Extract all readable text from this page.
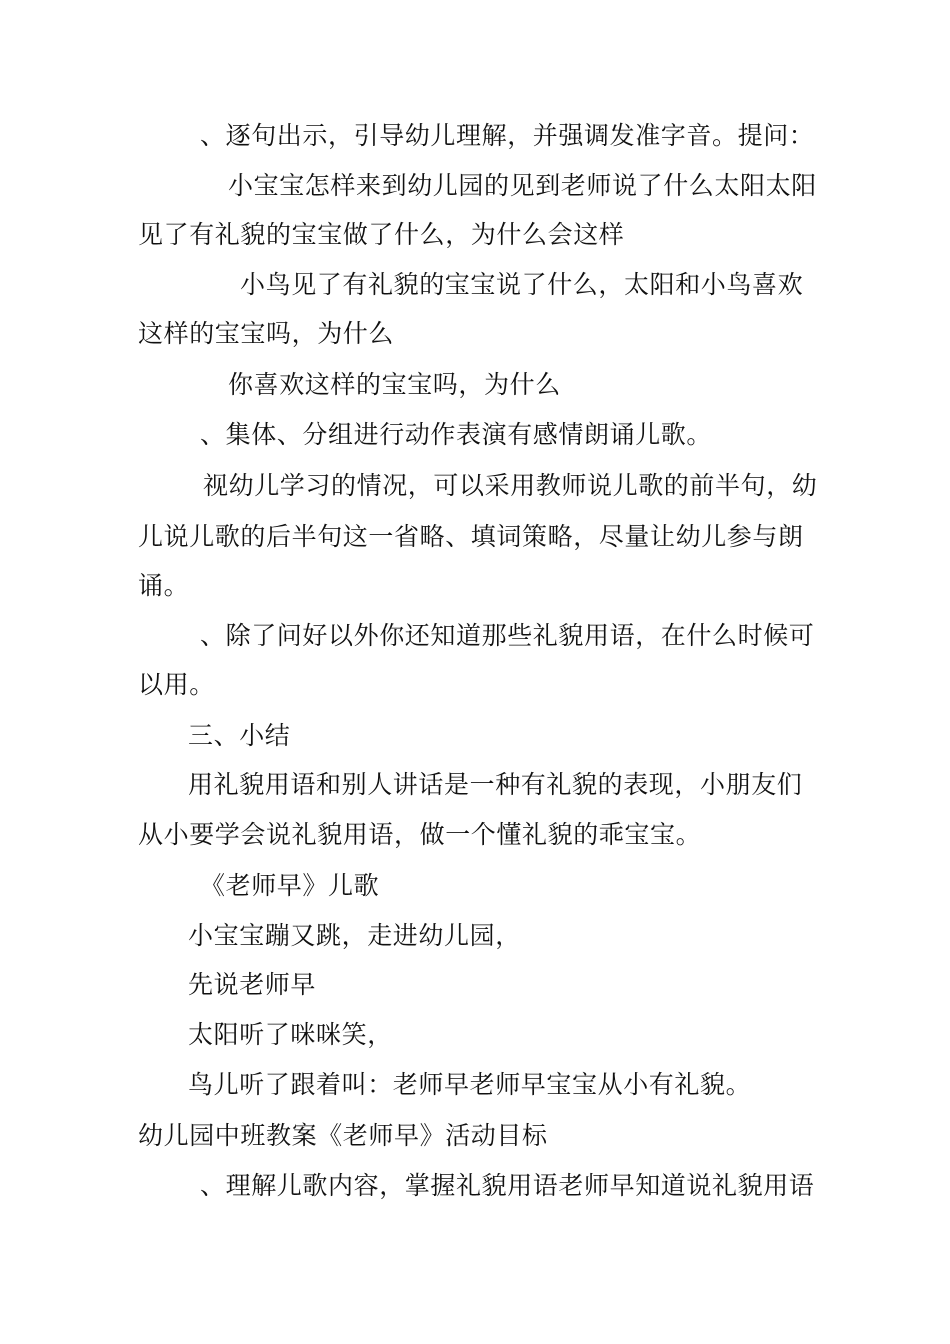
、逐句出示，引导幼儿理解，并强调发准字音。提问：
小宝宝怎样来到幼儿园的见到老师说了什么太阳太阳
见了有礼貌的宝宝做了什么，为什么会这样
小鸟见了有礼貌的宝宝说了什么，太阳和小鸟喜欢
这样的宝宝吗，为什么
你喜欢这样的宝宝吗，为什么
、集体、分组进行动作表演有感情朗诵儿歌。
视幼儿学习的情况，可以采用教师说儿歌的前半句，幼
儿说儿歌的后半句这一省略、填词策略，尽量让幼儿参与朗
诵。
、除了问好以外你还知道那些礼貌用语，在什么时候可
以用。
三、小结
用礼貌用语和别人讲话是一种有礼貌的表现，小朋友们
从小要学会说礼貌用语，做一个懂礼貌的乖宝宝。
《老师早》儿歌
小宝宝蹦又跳，走进幼儿园，
先说老师早
太阳听了咪咪笑，
鸟儿听了跟着叫：老师早老师早宝宝从小有礼貌。
幼儿园中班教案《老师早》活动目标
、理解儿歌内容，掌握礼貌用语老师早知道说礼貌用语
